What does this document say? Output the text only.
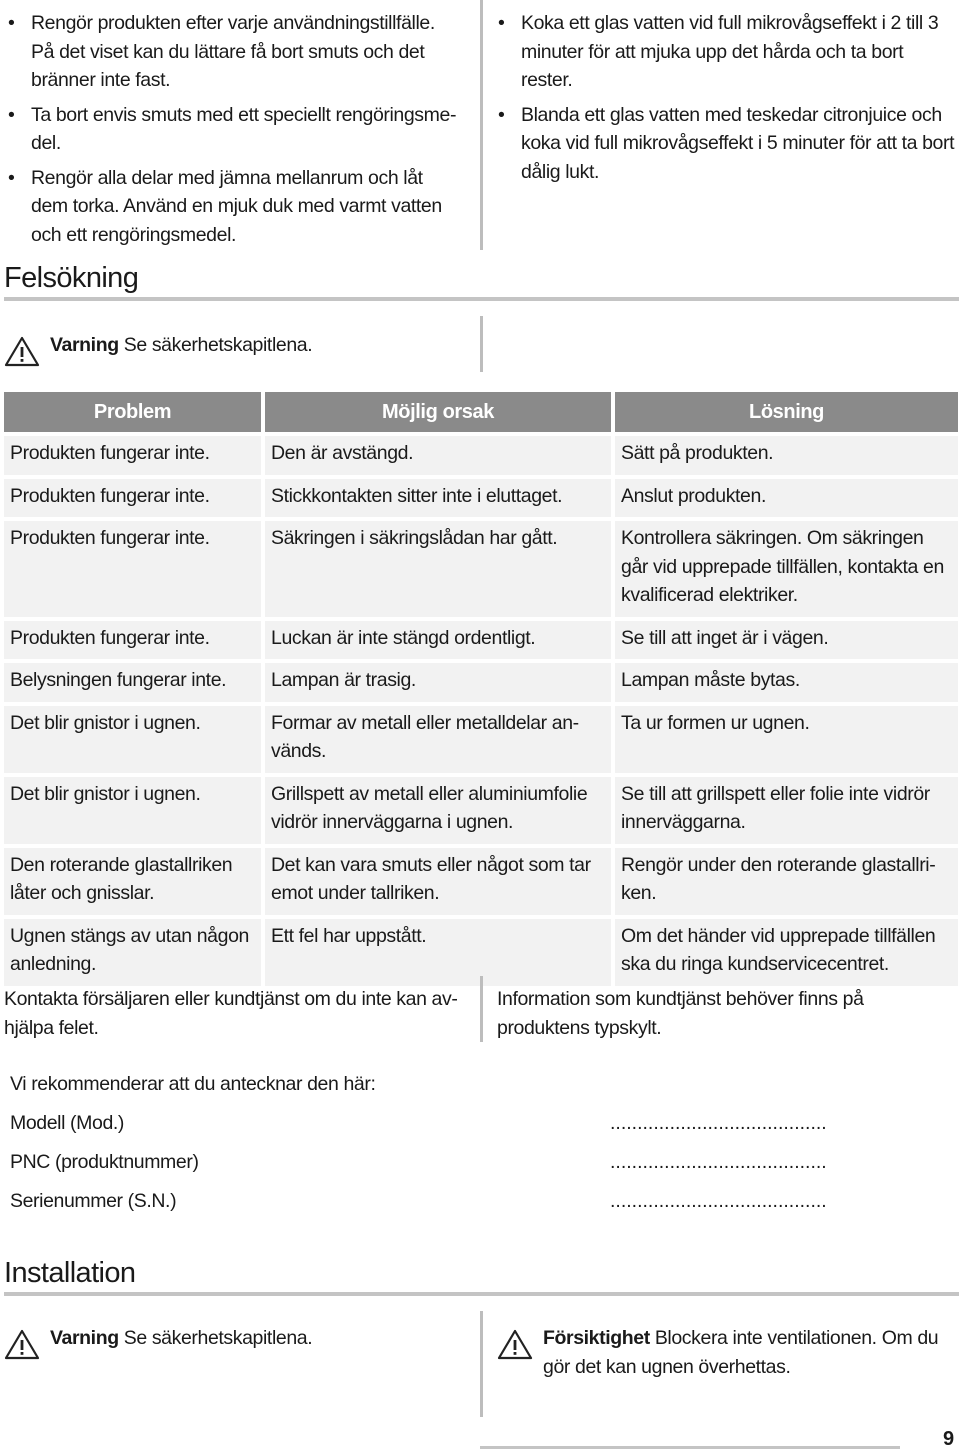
• Rengör produkten efter varje användningstillfälle. På det viset kan du lättare få bort smuts och det bränner inte fast.
• Ta bort envis smuts med ett speciellt rengöringsme-del.
• Rengör alla delar med jämna mellanrum och låt dem torka. Använd en mjuk duk med varmt vatten och ett rengöringsmedel.
• Koka ett glas vatten vid full mikrovågseffekt i 2 till 3 minuter för att mjuka upp det hårda och ta bort rester.
• Blanda ett glas vatten med teskedar citronjuice och koka vid full mikrovågseffekt i 5 minuter för att ta bort dålig lukt.
Felsökning
Varning Se säkerhetskapitlena.
Problem	Möjlig orsak	Lösning
Produkten fungerar inte.	Den är avstängd.	Sätt på produkten.
Produkten fungerar inte.	Stickkontakten sitter inte i eluttaget.	Anslut produkten.
Produkten fungerar inte.	Säkringen i säkringslådan har gått.	Kontrollera säkringen. Om säkringen går vid upprepade tillfällen, kontakta en kvalificerad elektriker.
Produkten fungerar inte.	Luckan är inte stängd ordentligt.	Se till att inget är i vägen.
Belysningen fungerar inte.	Lampan är trasig.	Lampan måste bytas.
Det blir gnistor i ugnen.	Formar av metall eller metalldelar an-vänds.	Ta ur formen ur ugnen.
Det blir gnistor i ugnen.	Grillspett av metall eller aluminiumfolie vidrör innerväggarna i ugnen.	Se till att grillspett eller folie inte vidrör innerväggarna.
Den roterande glastallriken låter och gnisslar.	Det kan vara smuts eller något som tar emot under tallriken.	Rengör under den roterande glastallri-ken.
Ugnen stängs av utan någon anledning.	Ett fel har uppstått.	Om det händer vid upprepade tillfällen ska du ringa kundservicecentret.
Kontakta försäljaren eller kundtjänst om du inte kan av-hjälpa felet.
Information som kundtjänst behöver finns på produktens typskylt.
Vi rekommenderar att du antecknar den här:
Modell (Mod.)	........................................
PNC (produktnummer)	........................................
Serienummer (S.N.)	........................................
Installation
Varning Se säkerhetskapitlena.	Försiktighet Blockera inte ventilationen. Om du gör det kan ugnen överhettas.
9
